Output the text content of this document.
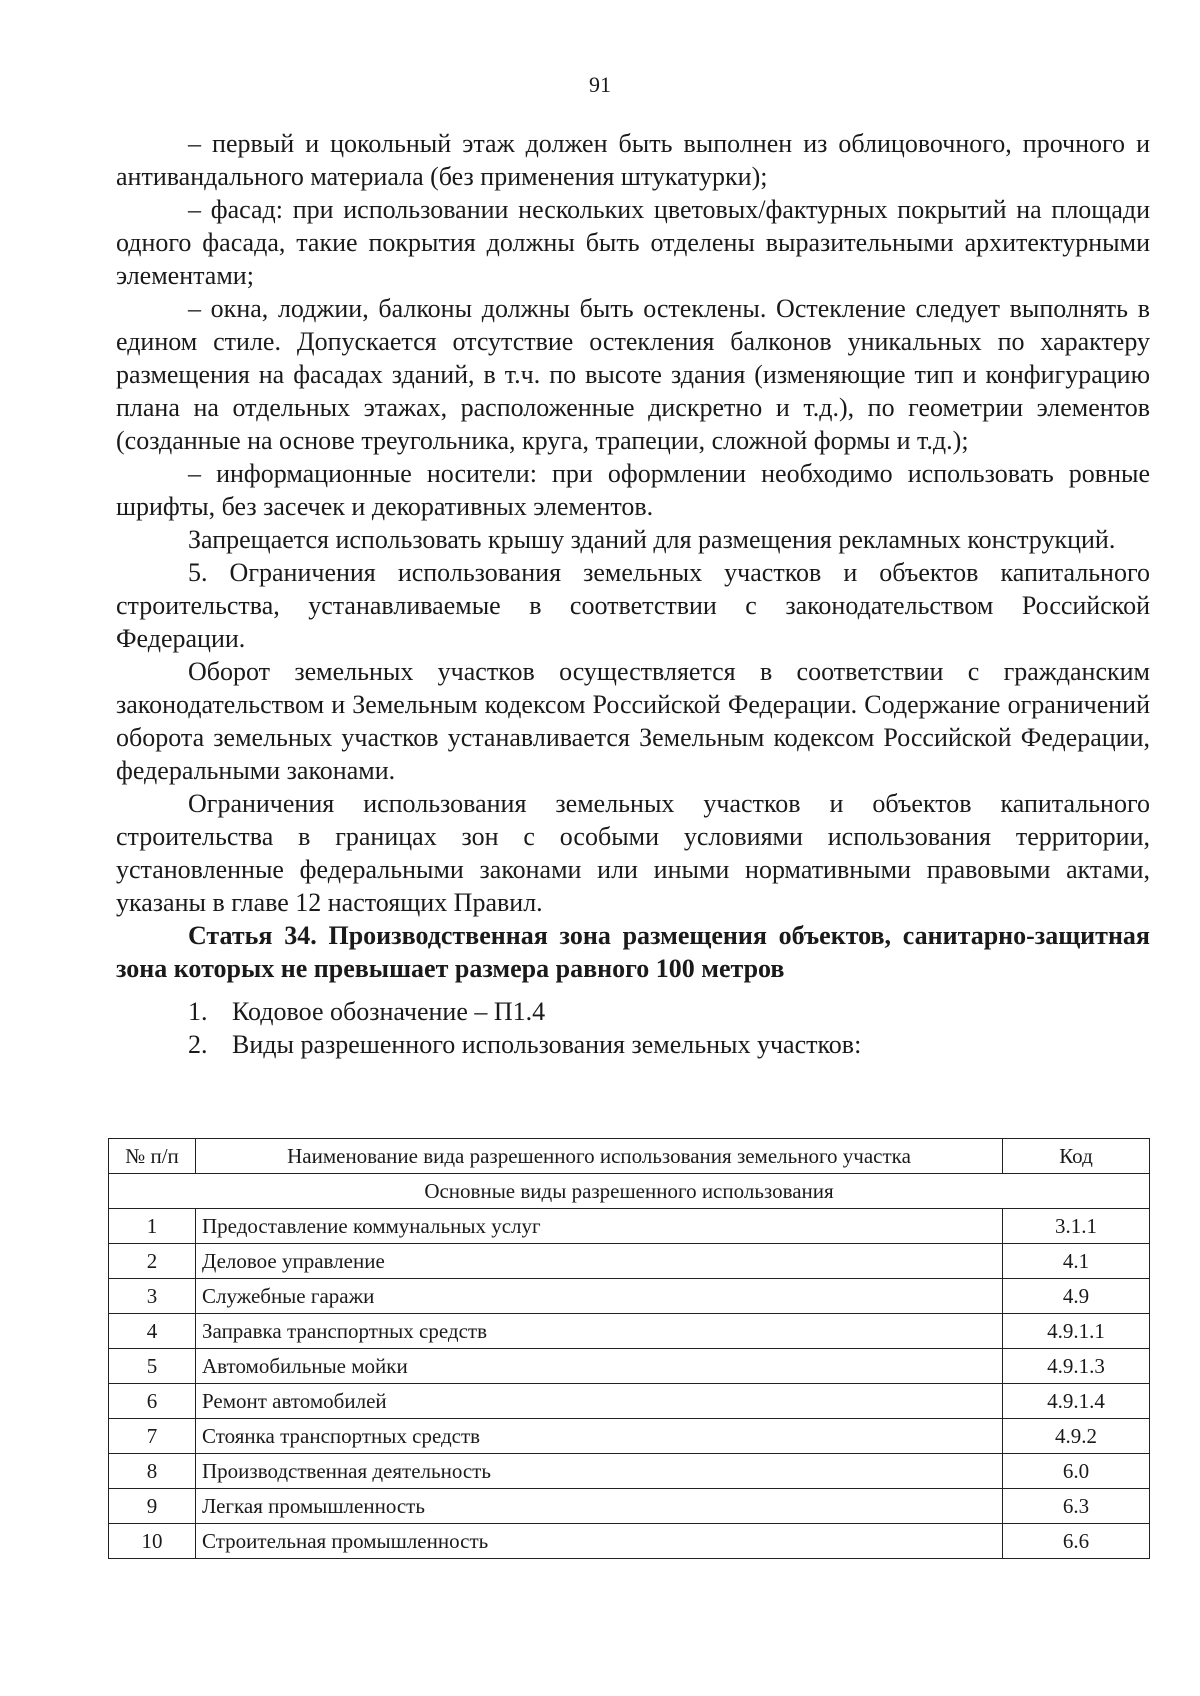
91

– первый и цокольный этаж должен быть выполнен из облицовочного, прочного и антивандального материала (без применения штукатурки);

– фасад: при использовании нескольких цветовых/фактурных покрытий на площади одного фасада, такие покрытия должны быть отделены выразительными архитектурными элементами;

– окна, лоджии, балконы должны быть остеклены. Остекление следует выполнять в едином стиле. Допускается отсутствие остекления балконов уникальных по характеру размещения на фасадах зданий, в т.ч. по высоте здания (изменяющие тип и конфигурацию плана на отдельных этажах, расположенные дискретно и т.д.), по геометрии элементов (созданные на основе треугольника, круга, трапеции, сложной формы и т.д.);

– информационные носители: при оформлении необходимо использовать ровные шрифты, без засечек и декоративных элементов.

Запрещается использовать крышу зданий для размещения рекламных конструкций.

5. Ограничения использования земельных участков и объектов капитального строительства, устанавливаемые в соответствии с законодательством Российской Федерации.

Оборот земельных участков осуществляется в соответствии с гражданским законодательством и Земельным кодексом Российской Федерации. Содержание ограничений оборота земельных участков устанавливается Земельным кодексом Российской Федерации, федеральными законами.

Ограничения использования земельных участков и объектов капитального строительства в границах зон с особыми условиями использования территории, установленные федеральными законами или иными нормативными правовыми актами, указаны в главе 12 настоящих Правил.

Статья 34. Производственная зона размещения объектов, санитарно-защитная зона которых не превышает размера равного 100 метров

1. Кодовое обозначение – П1.4
2. Виды разрешенного использования земельных участков:
№ п/п	Наименование вида разрешенного использования земельного участка	Код
Основные виды разрешенного использования		
1	Предоставление коммунальных услуг	3.1.1
2	Деловое управление	4.1
3	Служебные гаражи	4.9
4	Заправка транспортных средств	4.9.1.1
5	Автомобильные мойки	4.9.1.3
6	Ремонт автомобилей	4.9.1.4
7	Стоянка транспортных средств	4.9.2
8	Производственная деятельность	6.0
9	Легкая промышленность	6.3
10	Строительная промышленность	6.6
